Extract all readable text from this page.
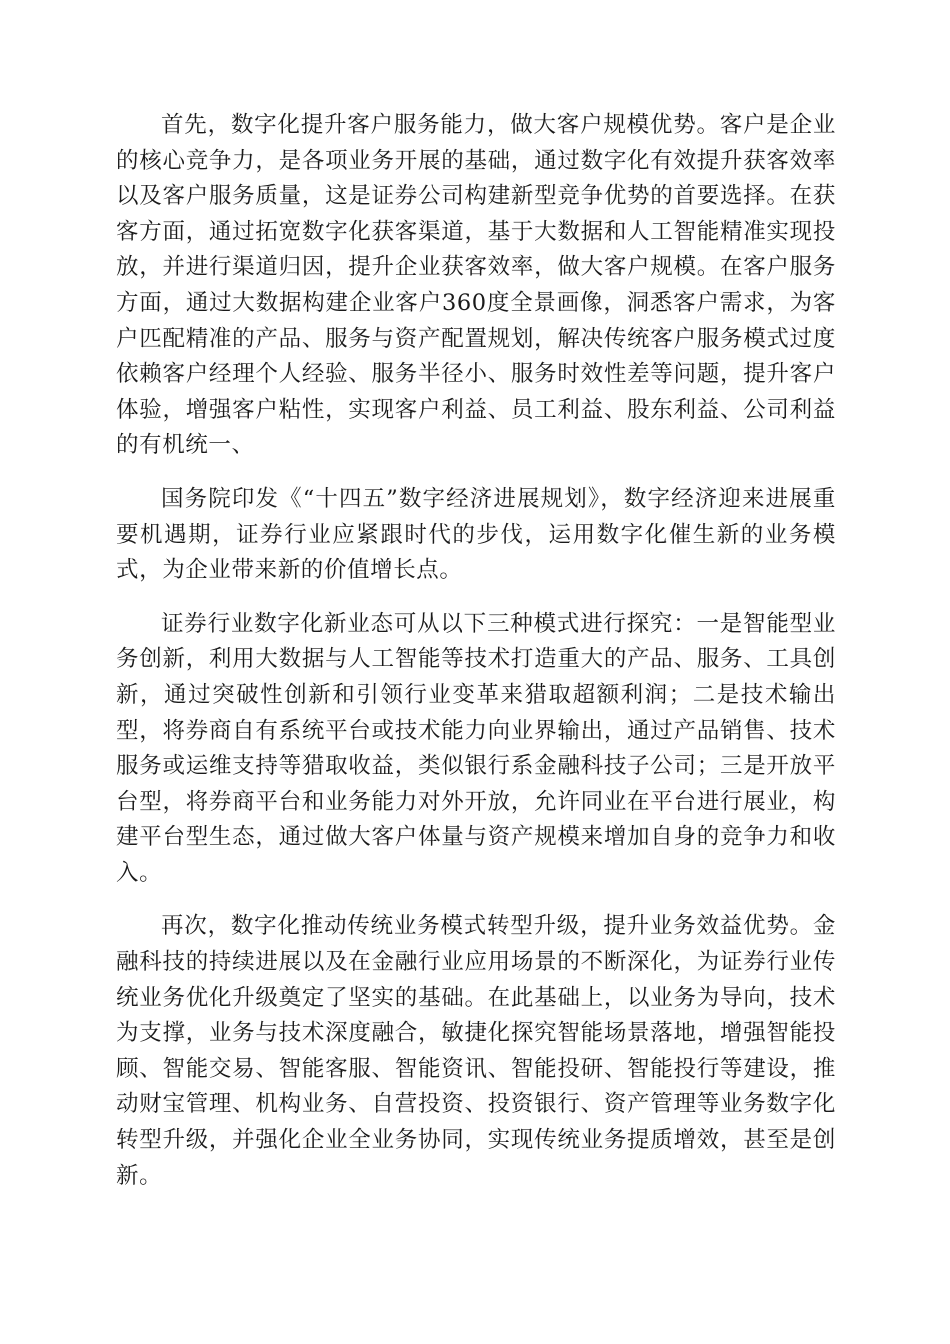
首先，数字化提升客户服务能力，做大客户规模优势。客户是企业的核心竞争力，是各项业务开展的基础，通过数字化有效提升获客效率以及客户服务质量，这是证券公司构建新型竞争优势的首要选择。在获客方面，通过拓宽数字化获客渠道，基于大数据和人工智能精准实现投放，并进行渠道归因，提升企业获客效率，做大客户规模。在客户服务方面，通过大数据构建企业客户360度全景画像，洞悉客户需求，为客户匹配精准的产品、服务与资产配置规划，解决传统客户服务模式过度依赖客户经理个人经验、服务半径小、服务时效性差等问题，提升客户体验，增强客户粘性，实现客户利益、员工利益、股东利益、公司利益的有机统一、

国务院印发《“十四五”数字经济进展规划》，数字经济迎来进展重要机遇期，证券行业应紧跟时代的步伐，运用数字化催生新的业务模式，为企业带来新的价值增长点。

证券行业数字化新业态可从以下三种模式进行探究：一是智能型业务创新，利用大数据与人工智能等技术打造重大的产品、服务、工具创新，通过突破性创新和引领行业变革来猎取超额利润；二是技术输出型，将券商自有系统平台或技术能力向业界输出，通过产品销售、技术服务或运维支持等猎取收益，类似银行系金融科技子公司；三是开放平台型，将券商平台和业务能力对外开放，允许同业在平台进行展业，构建平台型生态，通过做大客户体量与资产规模来增加自身的竞争力和收入。

再次，数字化推动传统业务模式转型升级，提升业务效益优势。金融科技的持续进展以及在金融行业应用场景的不断深化，为证券行业传统业务优化升级奠定了坚实的基础。在此基础上，以业务为导向，技术为支撑，业务与技术深度融合，敏捷化探究智能场景落地，增强智能投顾、智能交易、智能客服、智能资讯、智能投研、智能投行等建设，推动财宝管理、机构业务、自营投资、投资银行、资产管理等业务数字化转型升级，并强化企业全业务协同，实现传统业务提质增效，甚至是创新。
